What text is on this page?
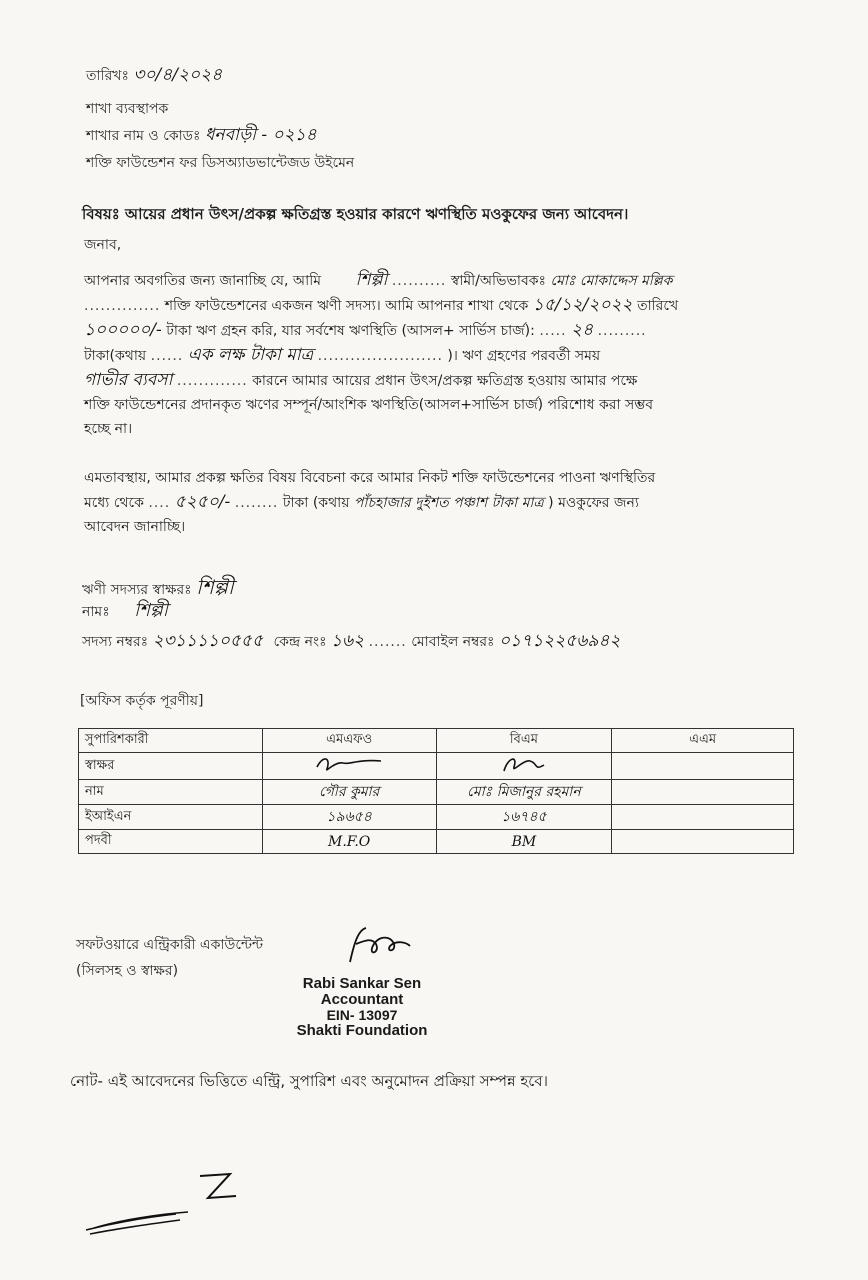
তারিখঃ ৩০/৪/২০২৪
শাখা ব্যবস্থাপক
শাখার নাম ও কোডঃ ধনবাড়ী - ০২১৪
শক্তি ফাউন্ডেশন ফর ডিসঅ্যাডভান্টেজড উইমেন
বিষয়ঃ আয়ের প্রধান উৎস/প্রকল্প ক্ষতিগ্রস্ত হওয়ার কারণে ঋণস্থিতি মওকুফের জন্য আবেদন।
জনাব,
আপনার অবগতির জন্য জানাচ্ছি যে, আমি শিল্পী .......... স্বামী/অভিভাবকঃ মোঃ মোকাদ্দেস মল্লিক
.............. শক্তি ফাউন্ডেশনের একজন ঋণী সদস্য। আমি আপনার শাখা থেকে ১৫/১২/২০২২ তারিখে
১০০০০০/- টাকা ঋণ গ্রহন করি, যার সর্বশেষ ঋণস্থিতি (আসল+ সার্ভিস চার্জ): ..... ২৪ .........
টাকা(কথায় ...... এক লক্ষ টাকা মাত্র ....................... )। ঋণ গ্রহণের পরবর্তী সময়
গাভীর ব্যবসা ............. কারনে আমার আয়ের প্রধান উৎস/প্রকল্প ক্ষতিগ্রস্ত হওয়ায় আমার পক্ষে
শক্তি ফাউন্ডেশনের প্রদানকৃত ঋণের সম্পূর্ন/আংশিক ঋণস্থিতি(আসল+সার্ভিস চার্জ) পরিশোধ করা সম্ভব
হচ্ছে না।
এমতাবস্থায়, আমার প্রকল্প ক্ষতির বিষয় বিবেচনা করে আমার নিকট শক্তি ফাউন্ডেশনের পাওনা ঋণস্থিতির
মধ্যে থেকে .... ৫২৫০/- ........ টাকা (কথায় পাঁচহাজার দুইশত পঞ্চাশ টাকা মাত্র ) মওকুফের জন্য
আবেদন জানাচ্ছি।
ঋণী সদস্যর স্বাক্ষরঃ শিল্পী
নামঃ শিল্পী
সদস্য নম্বরঃ ২৩১১১১০৫৫৫ কেন্দ্র নংঃ ১৬২ ....... মোবাইল নম্বরঃ ০১৭১২২৫৬৯৪২
[অফিস কর্তৃক পূরণীয়]
সুপারিশকারী	এমএফও	বিএম	এএম
স্বাক্ষর			
নাম	গৌর কুমার	মোঃ মিজানুর রহমান	
ইআইএন	১৯৬৫৪	১৬৭৪৫	
পদবী	M.F.O	BM	
সফটওয়ারে এন্ট্রিকারী একাউন্টেন্ট
(সিলসহ ও স্বাক্ষর)
Rabi Sankar Sen
Accountant
EIN- 13097
Shakti Foundation
নোট- এই আবেদনের ভিত্তিতে এন্ট্রি, সুপারিশ এবং অনুমোদন প্রক্রিয়া সম্পন্ন হবে।
